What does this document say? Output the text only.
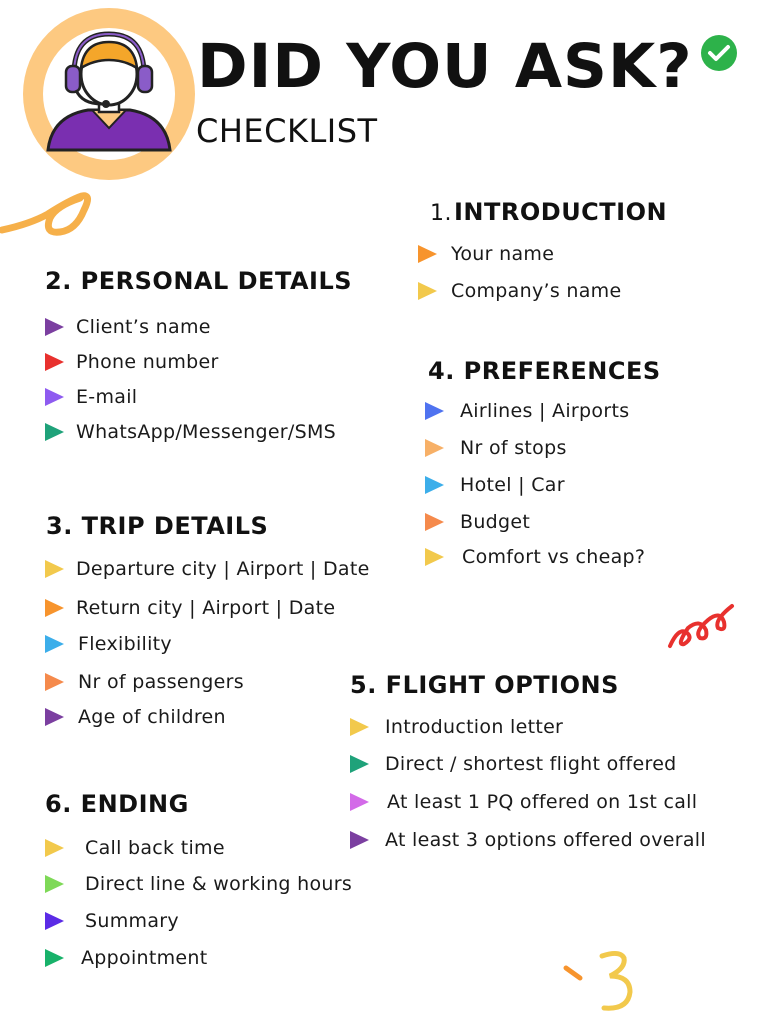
DID YOU ASK?
CHECKLIST
1.INTRODUCTION
Your name
Company’s name
2. PERSONAL DETAILS
Client’s name
Phone number
E-mail
WhatsApp/Messenger/SMS
4. PREFERENCES
Airlines | Airports
Nr of stops
Hotel | Car
Budget
Comfort vs cheap?
3. TRIP DETAILS
Departure city | Airport | Date
Return city | Airport | Date
Flexibility
Nr of passengers
Age of children
5. FLIGHT OPTIONS
Introduction letter
Direct / shortest flight offered
At least 1 PQ offered on 1st call
At least 3 options offered overall
6. ENDING
Call back time
Direct line & working hours
Summary
Appointment
